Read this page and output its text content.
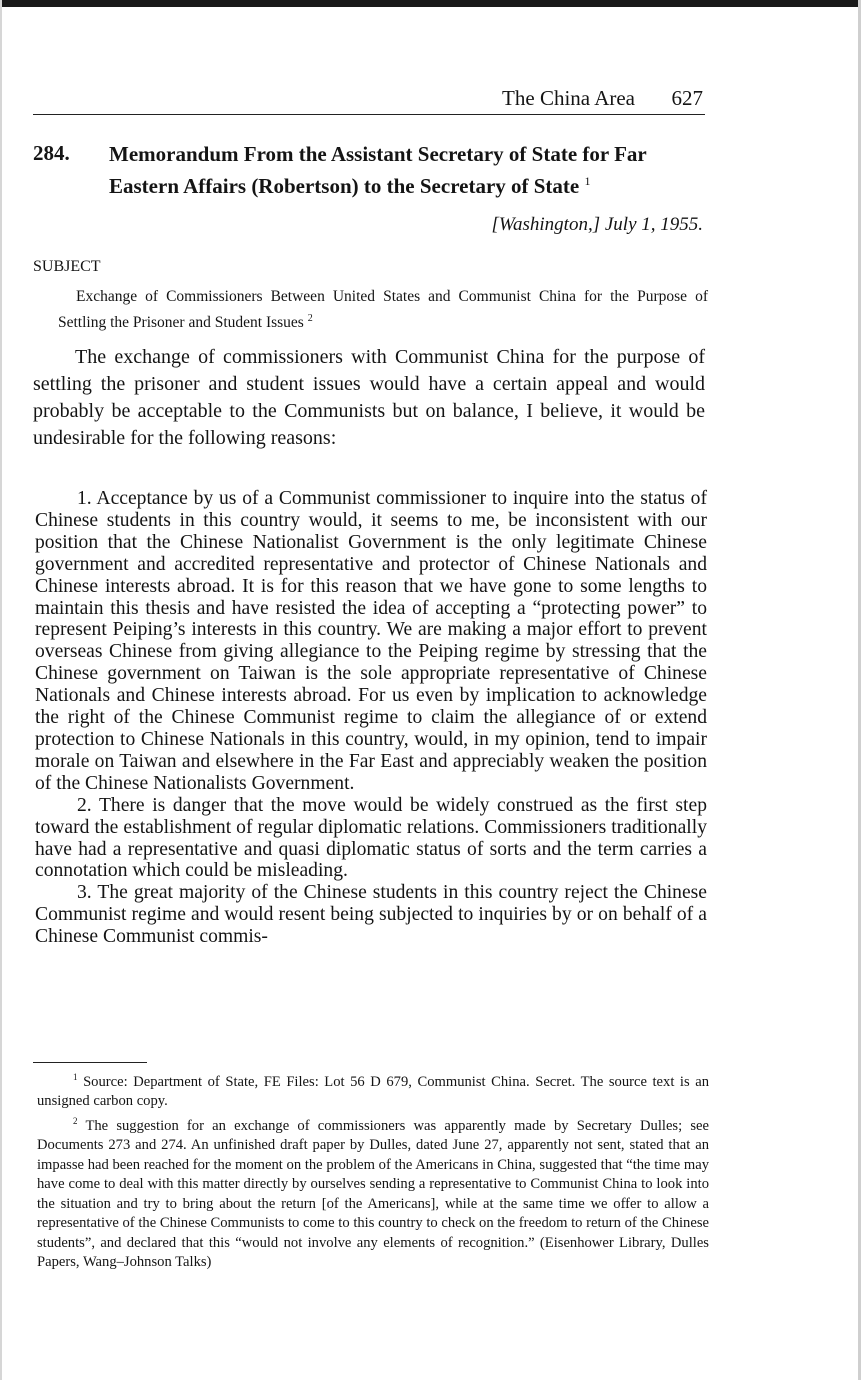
The China Area 627
284. Memorandum From the Assistant Secretary of State for Far Eastern Affairs (Robertson) to the Secretary of State $^1$
[Washington,] July 1, 1955.
SUBJECT

Exchange of Commissioners Between United States and Communist China for the Purpose of Settling the Prisoner and Student Issues $^2$

The exchange of commissioners with Communist China for the purpose of settling the prisoner and student issues would have a certain appeal and would probably be acceptable to the Communists but on balance, I believe, it would be undesirable for the following reasons:

1. Acceptance by us of a Communist commissioner to inquire into the status of Chinese students in this country would, it seems to me, be inconsistent with our position that the Chinese Nationalist Government is the only legitimate Chinese government and accredited representative and protector of Chinese Nationals and Chinese interests abroad. It is for this reason that we have gone to some lengths to maintain this thesis and have resisted the idea of accepting a “protecting power” to represent Peiping’s interests in this country. We are making a major effort to prevent overseas Chinese from giving allegiance to the Peiping regime by stressing that the Chinese government on Taiwan is the sole appropriate representative of Chinese Nationals and Chinese interests abroad. For us even by implication to acknowledge the right of the Chinese Communist regime to claim the allegiance of or extend protection to Chinese Nationals in this country, would, in my opinion, tend to impair morale on Taiwan and elsewhere in the Far East and appreciably weaken the position of the Chinese Nationalists Government.

2. There is danger that the move would be widely construed as the first step toward the establishment of regular diplomatic relations. Commissioners traditionally have had a representative and quasi diplomatic status of sorts and the term carries a connotation which could be misleading.

3. The great majority of the Chinese students in this country reject the Chinese Communist regime and would resent being subjected to inquiries by or on behalf of a Chinese Communist commis-

$^1$ Source: Department of State, FE Files: Lot 56 D 679, Communist China. Secret. The source text is an unsigned carbon copy.

$^2$ The suggestion for an exchange of commissioners was apparently made by Secretary Dulles; see Documents 273 and 274. An unfinished draft paper by Dulles, dated June 27, apparently not sent, stated that an impasse had been reached for the moment on the problem of the Americans in China, suggested that “the time may have come to deal with this matter directly by ourselves sending a representative to Communist China to look into the situation and try to bring about the return [of the Americans], while at the same time we offer to allow a representative of the Chinese Communists to come to this country to check on the freedom to return of the Chinese students”, and declared that this “would not involve any elements of recognition.” (Eisenhower Library, Dulles Papers, Wang–Johnson Talks)
